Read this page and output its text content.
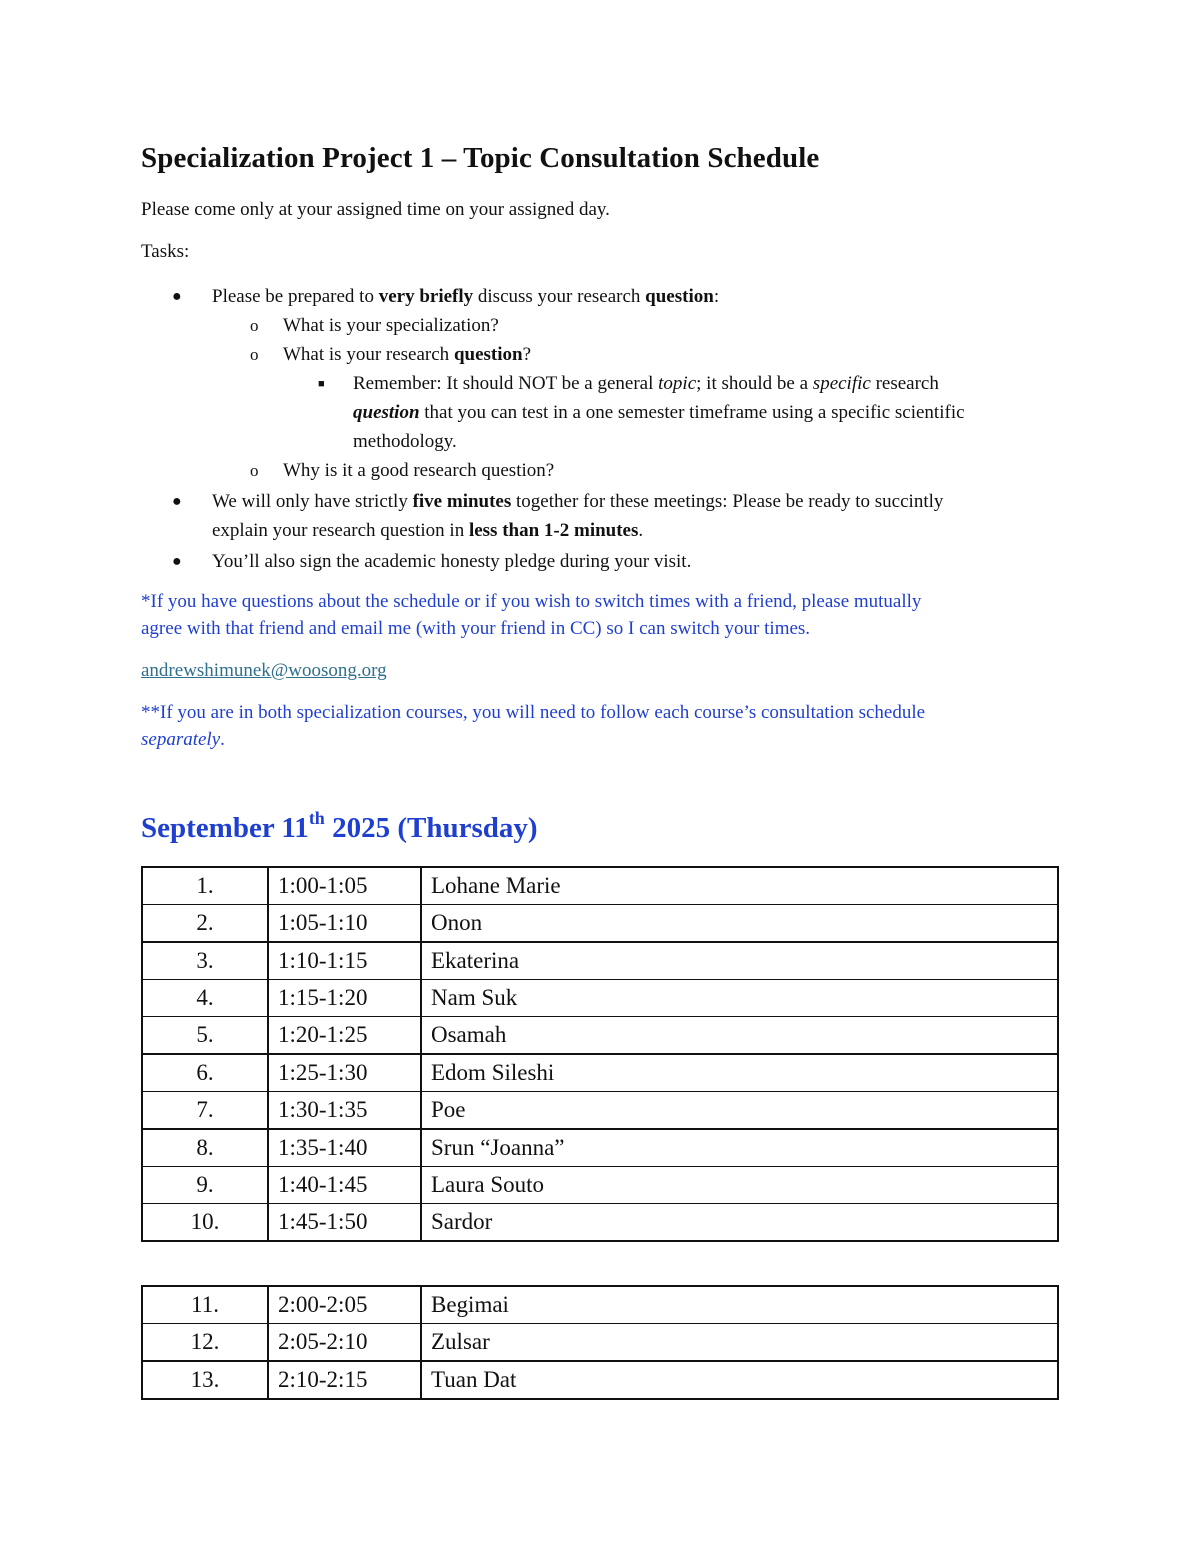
Specialization Project 1 – Topic Consultation Schedule

Please come only at your assigned time on your assigned day.

Tasks:

● Please be prepared to very briefly discuss your research question:
o What is your specialization?
o What is your research question?
■ Remember: It should NOT be a general topic; it should be a specific research
question that you can test in a one semester timeframe using a specific scientific
methodology.
o Why is it a good research question?
● We will only have strictly five minutes together for these meetings: Please be ready to succintly
explain your research question in less than 1-2 minutes.
● You’ll also sign the academic honesty pledge during your visit.

*If you have questions about the schedule or if you wish to switch times with a friend, please mutually

agree with that friend and email me (with your friend in CC) so I can switch your times.

andrewshimunek@woosong.org

**If you are in both specialization courses, you will need to follow each course’s consultation schedule

separately.

September 11th 2025 (Thursday)
1.	1:00-1:05	Lohane Marie
2.	1:05-1:10	Onon
3.	1:10-1:15	Ekaterina
4.	1:15-1:20	Nam Suk
5.	1:20-1:25	Osamah
6.	1:25-1:30	Edom Sileshi
7.	1:30-1:35	Poe
8.	1:35-1:40	Srun “Joanna”
9.	1:40-1:45	Laura Souto
10.	1:45-1:50	Sardor
11.	2:00-2:05	Begimai
12.	2:05-2:10	Zulsar
13.	2:10-2:15	Tuan Dat
